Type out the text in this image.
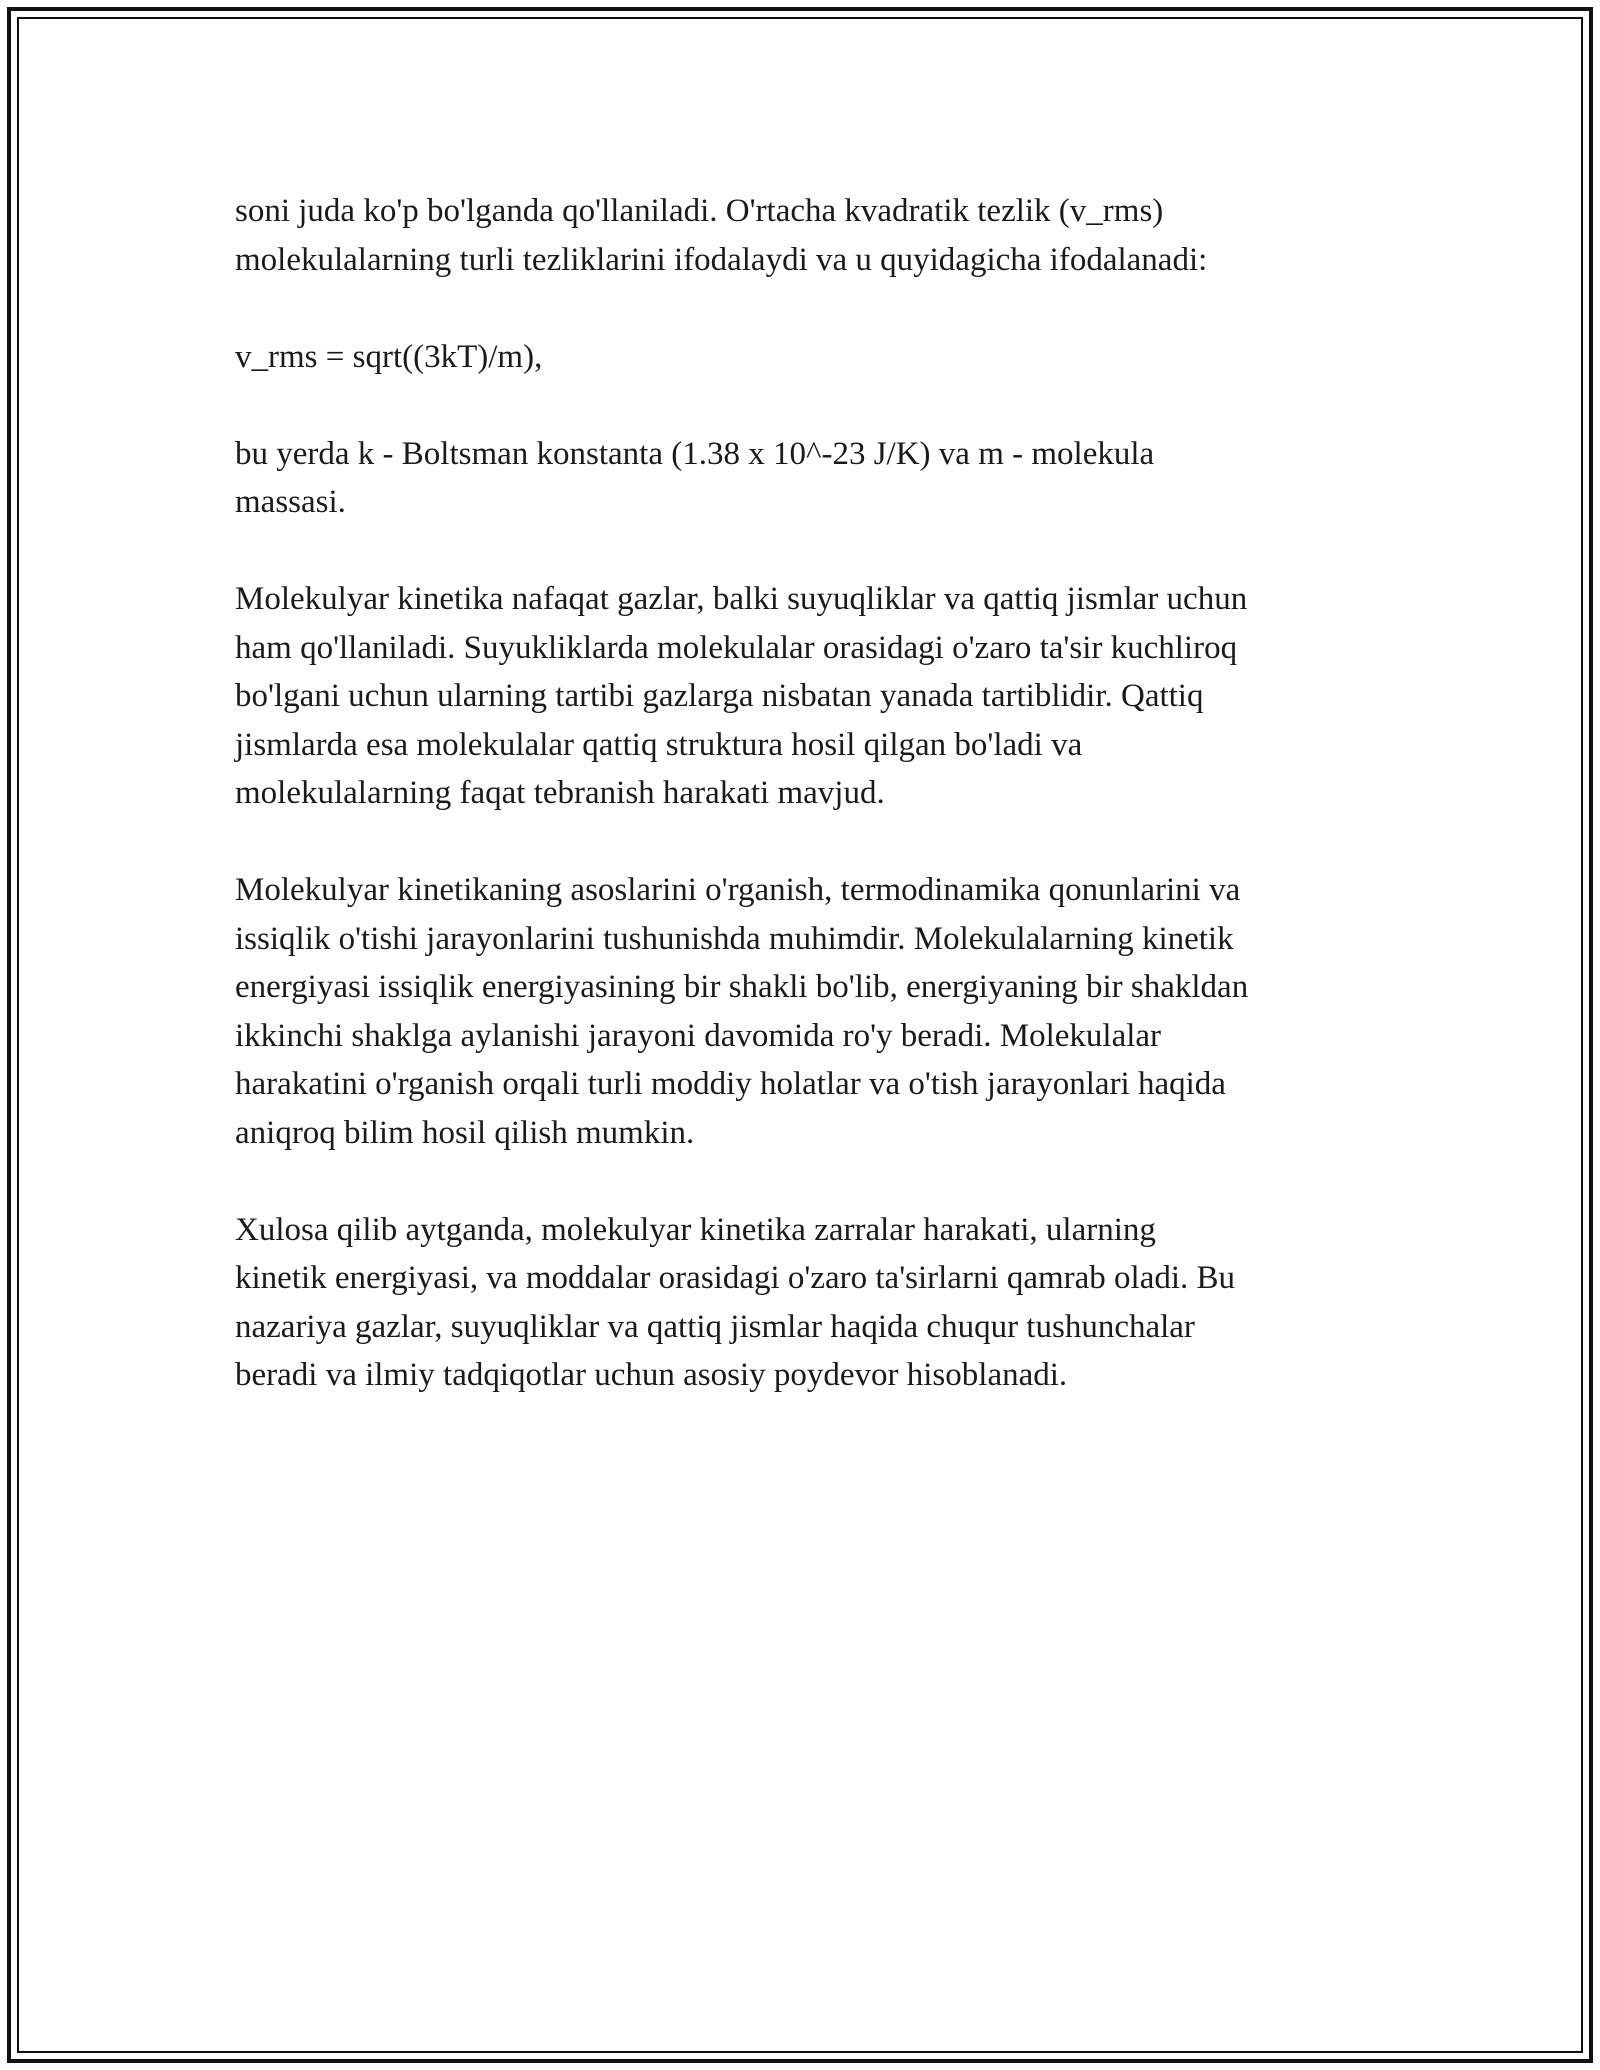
soni juda ko'p bo'lganda qo'llaniladi. O'rtacha kvadratik tezlik (v_rms)
molekulalarning turli tezliklarini ifodalaydi va u quyidagicha ifodalanadi:

v_rms = sqrt((3kT)/m),

bu yerda k - Boltsman konstanta (1.38 x 10^-23 J/K) va m - molekula
massasi.

Molekulyar kinetika nafaqat gazlar, balki suyuqliklar va qattiq jismlar uchun
ham qo'llaniladi. Suyukliklarda molekulalar orasidagi o'zaro ta'sir kuchliroq
bo'lgani uchun ularning tartibi gazlarga nisbatan yanada tartiblidir. Qattiq
jismlarda esa molekulalar qattiq struktura hosil qilgan bo'ladi va
molekulalarning faqat tebranish harakati mavjud.

Molekulyar kinetikaning asoslarini o'rganish, termodinamika qonunlarini va
issiqlik o'tishi jarayonlarini tushunishda muhimdir. Molekulalarning kinetik
energiyasi issiqlik energiyasining bir shakli bo'lib, energiyaning bir shakldan
ikkinchi shaklga aylanishi jarayoni davomida ro'y beradi. Molekulalar
harakatini o'rganish orqali turli moddiy holatlar va o'tish jarayonlari haqida
aniqroq bilim hosil qilish mumkin.

Xulosa qilib aytganda, molekulyar kinetika zarralar harakati, ularning
kinetik energiyasi, va moddalar orasidagi o'zaro ta'sirlarni qamrab oladi. Bu
nazariya gazlar, suyuqliklar va qattiq jismlar haqida chuqur tushunchalar
beradi va ilmiy tadqiqotlar uchun asosiy poydevor hisoblanadi.
